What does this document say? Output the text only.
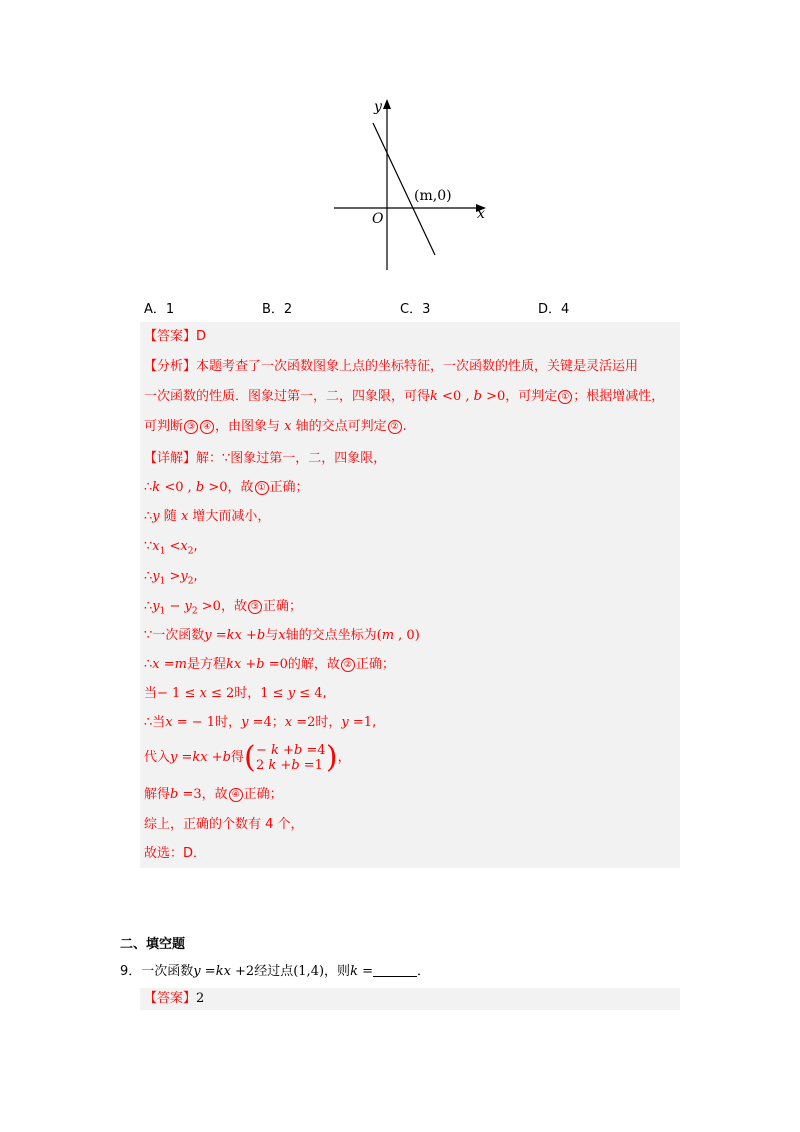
y
x
O
(m,0)
A．1	B．2	C．3	D．4
【答案】D
【分析】本题考查了一次函数图象上点的坐标特征，一次函数的性质，关键是灵活运用
一次函数的性质．图象过第一，二，四象限，可得k <0 , b >0，可判定 ① ；根据增减性，
可判断 ③ ④ ，由图象与 x 轴的交点可判定 ② .
【详解】解：∵图象过第一，二，四象限，
∴k <0 , b >0，故 ① 正确；
∴y 随 x 增大而减小，
$\because x_1 <x_2$,
$\therefore y_1 >y_2$,
$\therefore y_1 - y_2 >0$，故 ③ 正确；
∵一次函数y =kx +b与x轴的交点坐标为(m , 0)
∴x =m是方程kx +b =0的解，故 ② 正确；
当− 1 ≤ x ≤ 2时，1 ≤ y ≤ 4,
∴当x = − 1时，y =4；x =2时，y =1,
代入y =kx +b得 ( − k +b =4
2 k +b =1 ) ，
解得b =3，故 ④ 正确；
综上，正确的个数有 4 个，
故选：D．
二、填空题
9．一次函数y =kx +2经过点(1,4)，则k =	．
【答案】2
